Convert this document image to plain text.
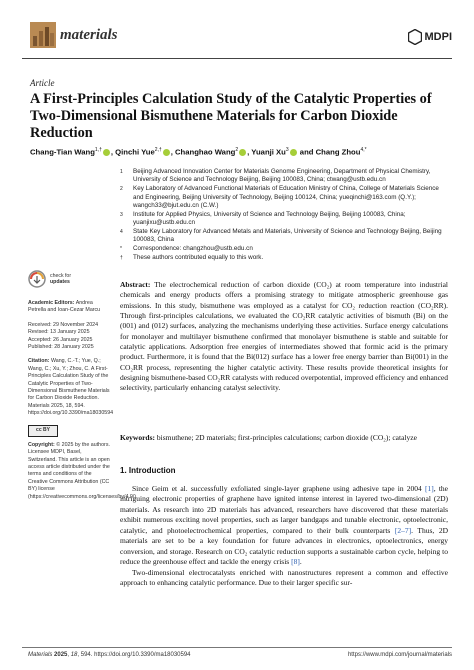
materials	MDPI
Article
A First-Principles Calculation Study of the Catalytic Properties of Two-Dimensional Bismuthene Materials for Carbon Dioxide Reduction
Chang-Tian Wang$^{1,\dagger}$ , Qinchi Yue$^{2,\dagger}$ , Changhao Wang$^2$ , Yuanji Xu$^3$ and Chang Zhou$^{4,*}$
1	Beijing Advanced Innovation Center for Materials Genome Engineering, Department of Physical Chemistry, University of Science and Technology Beijing, Beijing 100083, China; ctwang@ustb.edu.cn
2	Key Laboratory of Advanced Functional Materials of Education Ministry of China, College of Materials Science and Engineering, Beijing University of Technology, Beijing 100124, China; yueqinchi@163.com (Q.Y.); wangch33@bjut.edu.cn (C.W.)
3	Institute for Applied Physics, University of Science and Technology Beijing, Beijing 100083, China; yuanjixu@ustb.edu.cn
4	State Key Laboratory for Advanced Metals and Materials, University of Science and Technology Beijing, Beijing 100083, China
*	Correspondence: changzhou@ustb.edu.cn
†	These authors contributed equally to this work.
check for
updates
Academic Editors: Andrea Petrella and Ioan-Cezar Marcu
Received: 29 November 2024
Revised: 13 January 2025
Accepted: 26 January 2025
Published: 28 January 2025
Citation: Wang, C.-T.; Yue, Q.; Wang, C.; Xu, Y.; Zhou, C. A First-Principles Calculation Study of the Catalytic Properties of Two-Dimensional Bismuthene Materials for Carbon Dioxide Reduction. Materials 2025, 18, 594. https://doi.org/10.3390/ma18030594
cc BY
Copyright: © 2025 by the authors. Licensee MDPI, Basel, Switzerland. This article is an open access article distributed under the terms and conditions of the Creative Commons Attribution (CC BY) license (https://creativecommons.org/licenses/by/4.0/).
Abstract: The electrochemical reduction of carbon dioxide (CO₂) at room temperature into industrial chemicals and energy products offers a promising strategy to mitigate atmospheric greenhouse gas emissions. In this study, bismuthene was employed as a catalyst for CO₂ reduction reaction (CO₂RR). Through first-principles calculations, we evaluated the CO₂RR catalytic activities of bismuth (Bi) on the (001) and (012) surfaces, analyzing the mechanisms underlying these activities. Surface energy calculations for monolayer and multilayer bismuthene confirmed that monolayer bismuthene is stable and suitable for catalytic applications. Adsorption free energies of intermediates showed that formic acid is the primary product. Furthermore, it is found that the Bi(012) surface has a lower free energy barrier than Bi(001) in the CO₂RR process, representing the higher catalytic activity. These results provide theoretical insights for designing bismuthene-based CO₂RR catalysts with reduced overpotential, improved efficiency and enhanced selectivity, particularly enhancing catalyst selectivity.
Keywords: bismuthene; 2D materials; first-principles calculations; carbon dioxide (CO₂); catalyze
1. Introduction

Since Geim et al. successfully exfoliated single-layer graphene using adhesive tape in 2004 [1], the intriguing electronic properties of graphene have ignited intense interest in layered two-dimensional (2D) materials. As research into 2D materials has advanced, researchers have discovered that these materials exhibit numerous exciting novel properties, such as larger bandgaps and tunable electronic, optoelectronic, catalytic, and photoelectrochemical properties, compared to their bulk counterparts [2–7]. Thus, 2D materials are set to be a key foundation for future advances in electronics, optoelectronics, energy conversion, and storage. Research on CO₂ catalytic reduction supports a sustainable carbon cycle, helping to reduce the greenhouse effect and tackle the energy crisis [8].

Two-dimensional electrocatalysts enriched with nanostructures represent a common and effective approach to enhancing catalytic performance. Due to their larger specific sur-

Materials 2025, 18, 594. https://doi.org/10.3390/ma18030594	https://www.mdpi.com/journal/materials
